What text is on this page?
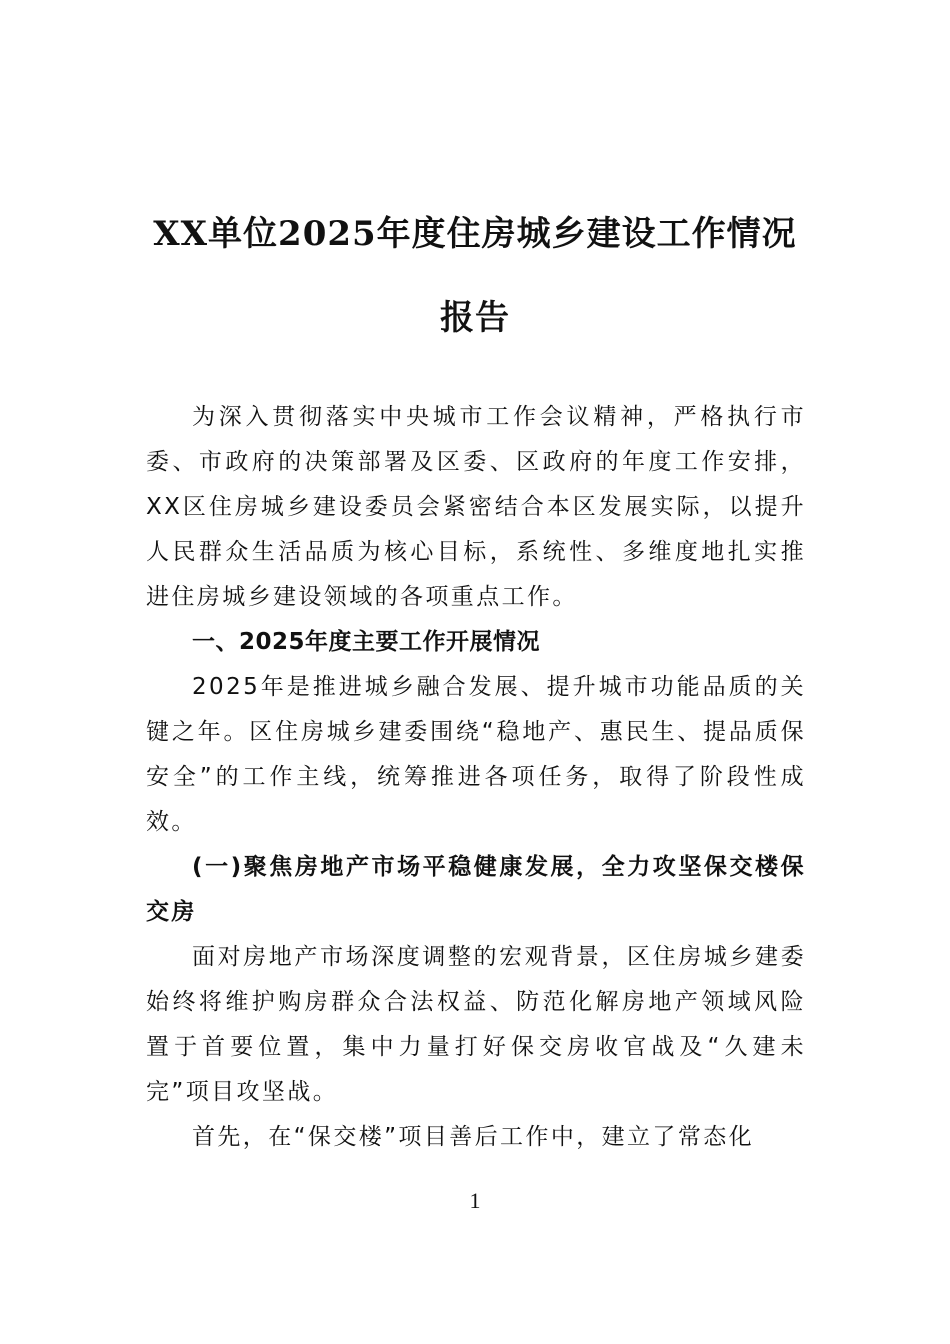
XX单位2025年度住房城乡建设工作情况
报告

为深入贯彻落实中央城市工作会议精神，严格执行市委、市政府的决策部署及区委、区政府的年度工作安排，XX区住房城乡建设委员会紧密结合本区发展实际，以提升人民群众生活品质为核心目标，系统性、多维度地扎实推进住房城乡建设领域的各项重点工作。

一、2025年度主要工作开展情况

2025年是推进城乡融合发展、提升城市功能品质的关键之年。区住房城乡建委围绕“稳地产、惠民生、提品质保安全”的工作主线，统筹推进各项任务，取得了阶段性成效。

(一)聚焦房地产市场平稳健康发展，全力攻坚保交楼保交房

面对房地产市场深度调整的宏观背景，区住房城乡建委始终将维护购房群众合法权益、防范化解房地产领域风险置于首要位置，集中力量打好保交房收官战及“久建未完”项目攻坚战。

首先，在“保交楼”项目善后工作中，建立了常态化

1
